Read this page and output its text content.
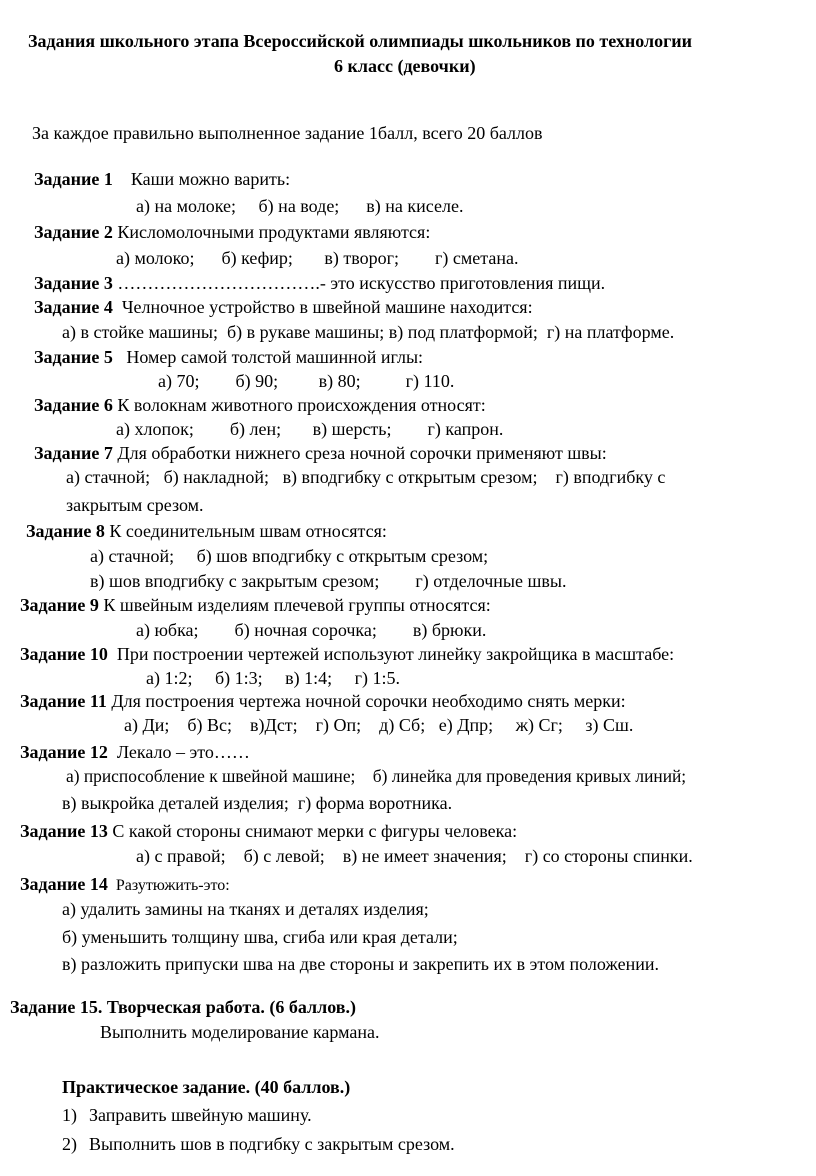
Задания школьного этапа Всероссийской олимпиады школьников по технологии
6 класс (девочки)
За каждое правильно выполненное задание 1балл, всего 20 баллов
Задание 1 Каши можно варить:
а) на молоке;     б) на воде;      в) на киселе.
Задание 2 Кисломолочными продуктами являются:
а) молоко;      б) кефир;       в) творог;        г) сметана.
Задание 3 …………………………….- это искусство приготовления пищи.
Задание 4  Челночное устройство в швейной машине находится:
а) в стойке машины;  б) в рукаве машины; в) под платформой;  г) на платформе.
Задание 5   Номер самой толстой машинной иглы:
а) 70;        б) 90;         в) 80;          г) 110.
Задание 6 К волокнам животного происхождения относят:
а) хлопок;        б) лен;       в) шерсть;        г) капрон.
Задание 7 Для обработки нижнего среза ночной сорочки применяют швы:
а) стачной;   б) накладной;   в) вподгибку с открытым срезом;    г) вподгибку с
закрытым срезом.
Задание 8 К соединительным швам относятся:
а) стачной;     б) шов вподгибку с открытым срезом;
в) шов вподгибку с закрытым срезом;        г) отделочные швы.
Задание 9 К швейным изделиям плечевой группы относятся:
а) юбка;        б) ночная сорочка;        в) брюки.
Задание 10  При построении чертежей используют линейку закройщика в масштабе:
а) 1:2;     б) 1:3;     в) 1:4;     г) 1:5.
Задание 11 Для построения чертежа ночной сорочки необходимо снять мерки:
а) Ди;    б) Вс;    в)Дст;    г) Оп;    д) Сб;   е) Дпр;     ж) Сг;     з) Сш.
Задание 12  Лекало – это……
а) приспособление к швейной машине;    б) линейка для проведения кривых линий;
в) выкройка деталей изделия;  г) форма воротника.
Задание 13 С какой стороны снимают мерки с фигуры человека:
а) с правой;    б) с левой;    в) не имеет значения;    г) со стороны спинки.
Задание 14  Разутюжить-это:
а) удалить замины на тканях и деталях изделия;
б) уменьшить толщину шва, сгиба или края детали;
в) разложить припуски шва на две стороны и закрепить их в этом положении.
Задание 15. Творческая работа. (6 баллов.)
Выполнить моделирование кармана.
Практическое задание. (40 баллов.)
1) Заправить швейную машину.
2) Выполнить шов в подгибку с закрытым срезом.
